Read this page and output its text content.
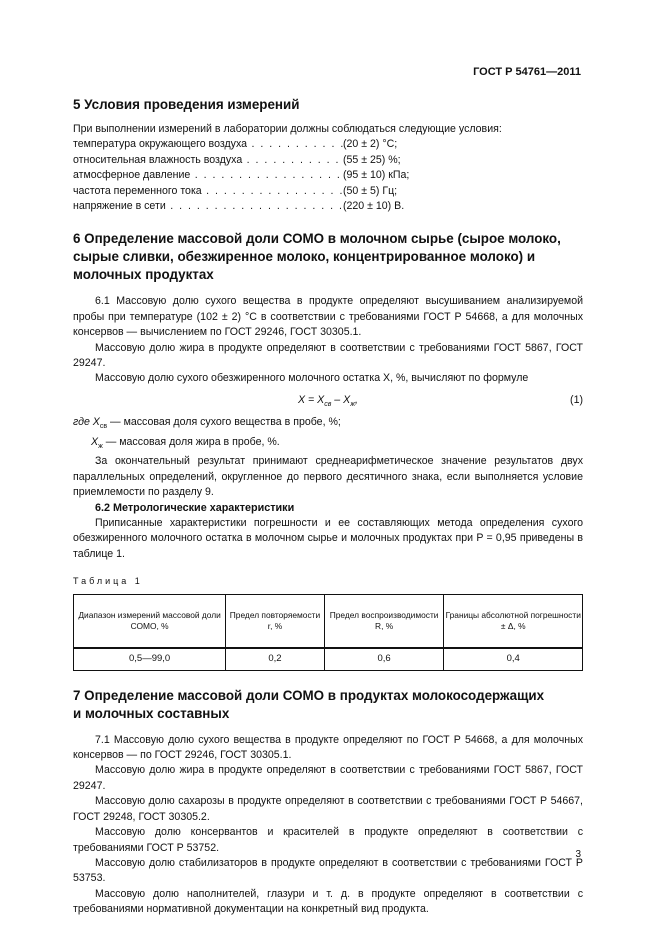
ГОСТ Р 54761—2011
5 Условия проведения измерений

При выполнении измерений в лаборатории должны соблюдаться следующие условия:

температура окружающего воздуха . . .	(20 ± 2) °С;
относительная влажность воздуха . . .	(55 ± 25) %;
атмосферное давление . . .	(95 ± 10) кПа;
частота переменного тока . . .	(50 ± 5) Гц;
напряжение в сети . . .	(220 ± 10) В.
6 Определение массовой доли СОМО в молочном сырье (сырое молоко, сырые сливки, обезжиренное молоко, концентрированное молоко) и молочных продуктах

6.1 Массовую долю сухого вещества в продукте определяют высушиванием анализируемой пробы при температуре (102 ± 2) °С в соответствии с требованиями ГОСТ Р 54668, а для молочных консервов — вычислением по ГОСТ 29246, ГОСТ 30305.1.

Массовую долю жира в продукте определяют в соответствии с требованиями ГОСТ 5867, ГОСТ 29247.

Массовую долю сухого обезжиренного молочного остатка X, %, вычисляют по формуле

$X = X_{св} - X_ж$,	(1)

где $X_{св}$ — массовая доля сухого вещества в пробе, %;

$X_ж$ — массовая доля жира в пробе, %.

За окончательный результат принимают среднеарифметическое значение результатов двух параллельных определений, округленное до первого десятичного знака, если выполняется условие приемлемости по разделу 9.

6.2 Метрологические характеристики

Приписанные характеристики погрешности и ее составляющих метода определения сухого обезжиренного молочного остатка в молочном сырье и молочных продуктах при P = 0,95 приведены в таблице 1.

Таблица 1
Диапазон измерений массовой доли СОМО, %	Предел повторяемости r, %	Предел воспроизводимости R, %	Границы абсолютной погрешности ± Δ, %
0,5—99,0	0,2	0,6	0,4
7 Определение массовой доли СОМО в продуктах молокосодержащих и молочных составных

7.1 Массовую долю сухого вещества в продукте определяют по ГОСТ Р 54668, а для молочных консервов — по ГОСТ 29246, ГОСТ 30305.1.

Массовую долю жира в продукте определяют в соответствии с требованиями ГОСТ 5867, ГОСТ 29247.

Массовую долю сахарозы в продукте определяют в соответствии с требованиями ГОСТ Р 54667, ГОСТ 29248, ГОСТ 30305.2.

Массовую долю консервантов и красителей в продукте определяют в соответствии с требованиями ГОСТ Р 53752.

Массовую долю стабилизаторов в продукте определяют в соответствии с требованиями ГОСТ Р 53753.

Массовую долю наполнителей, глазури и т. д. в продукте определяют в соответствии с требованиями нормативной документации на конкретный вид продукта.

3
